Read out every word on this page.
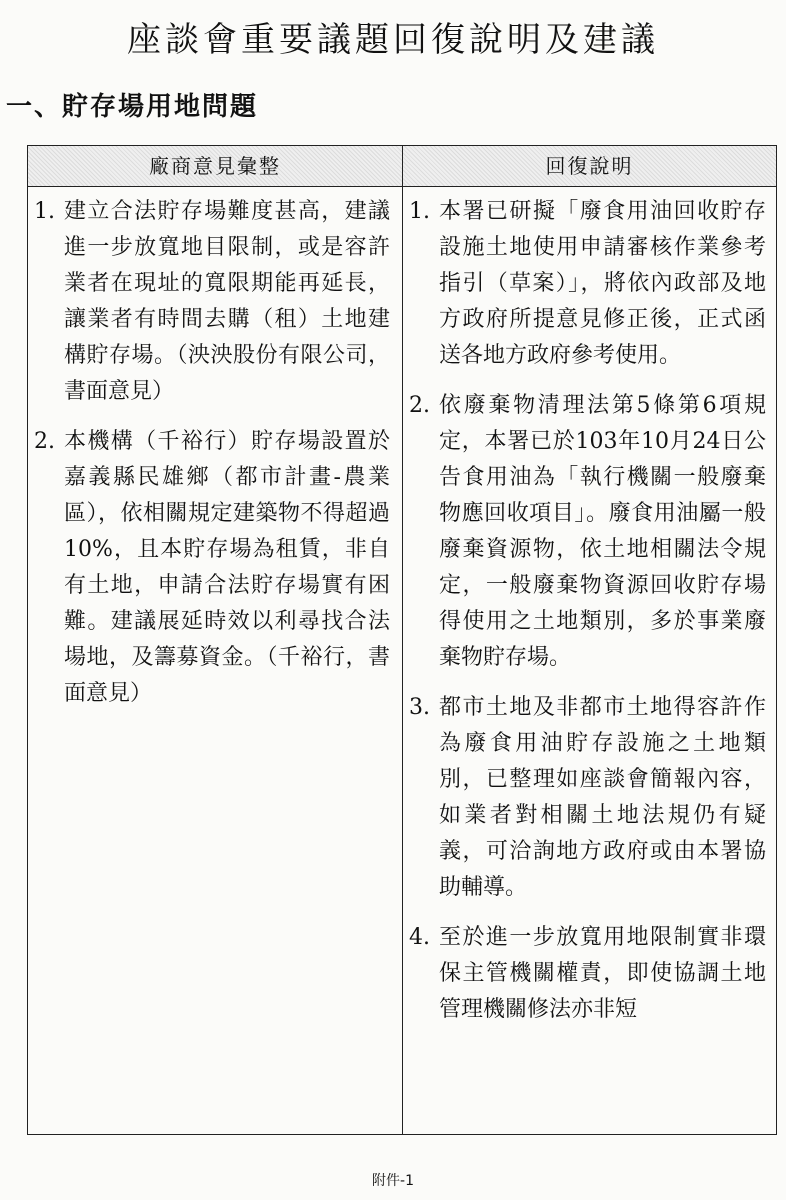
座談會重要議題回復說明及建議
一、貯存場用地問題
廠商意見彙整	回復說明
1. 建立合法貯存場難度甚高，建議進一步放寬地目限制，或是容許業者在現址的寬限期能再延長，讓業者有時間去購（租）土地建構貯存場。（泱泱股份有限公司，書面意見）
2. 本機構（千裕行）貯存場設置於嘉義縣民雄鄉（都市計畫-農業區），依相關規定建築物不得超過10%，且本貯存場為租賃，非自有土地，申請合法貯存場實有困難。建議展延時效以利尋找合法場地，及籌募資金。（千裕行，書面意見）
1. 本署已研擬「廢食用油回收貯存設施土地使用申請審核作業參考指引（草案）」，將依內政部及地方政府所提意見修正後，正式函送各地方政府參考使用。
2. 依廢棄物清理法第5條第6項規定，本署已於103年10月24日公告食用油為「執行機關一般廢棄物應回收項目」。廢食用油屬一般廢棄資源物，依土地相關法令規定，一般廢棄物資源回收貯存場得使用之土地類別，多於事業廢棄物貯存場。
3. 都市土地及非都市土地得容許作為廢食用油貯存設施之土地類別，已整理如座談會簡報內容，如業者對相關土地法規仍有疑義，可洽詢地方政府或由本署協助輔導。
4. 至於進一步放寬用地限制實非環保主管機關權責，即使協調土地管理機關修法亦非短
附件-1
